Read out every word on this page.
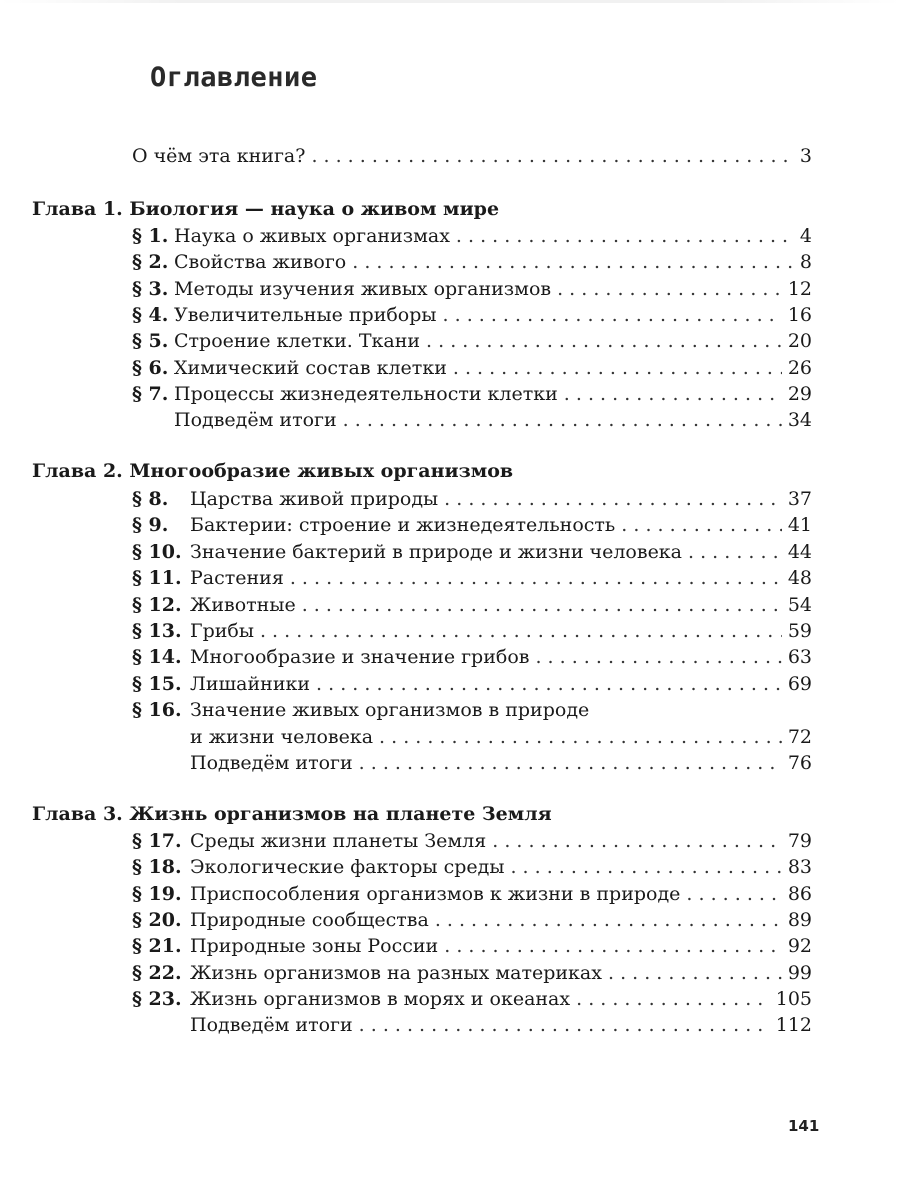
Оглавление
О чём эта книга? . . .	3
Глава 1. Биология — наука о живом мире
Глава 2. Многообразие живых организмов
Глава 3. Жизнь организмов на планете Земля
141
§ 1. Наука о живых организмах . . .	4
§ 2. Свойства живого . . .	8
§ 3. Методы изучения живых организмов . . .	12
§ 4. Увеличительные приборы . . .	16
§ 5. Строение клетки. Ткани . . .	20
§ 6. Химический состав клетки . . .	26
§ 7. Процессы жизнедеятельности клетки . . .	29
Подведём итоги . . .	34
§ 8. Царства живой природы . . .	37
§ 9. Бактерии: строение и жизнедеятельность . . .	41
§ 10. Значение бактерий в природе и жизни человека . . .	44
§ 11. Растения . . .	48
§ 12. Животные . . .	54
§ 13. Грибы . . .	59
§ 14. Многообразие и значение грибов . . .	63
§ 15. Лишайники . . .	69
§ 16. Значение живых организмов в природе
и жизни человека . . .	72
Подведём итоги . . .	76
§ 17. Среды жизни планеты Земля . . .	79
§ 18. Экологические факторы среды . . .	83
§ 19. Приспособления организмов к жизни в природе . . .	86
§ 20. Природные сообщества . . .	89
§ 21. Природные зоны России . . .	92
§ 22. Жизнь организмов на разных материках . . .	99
§ 23. Жизнь организмов в морях и океанах . . .	105
Подведём итоги . . .	112
